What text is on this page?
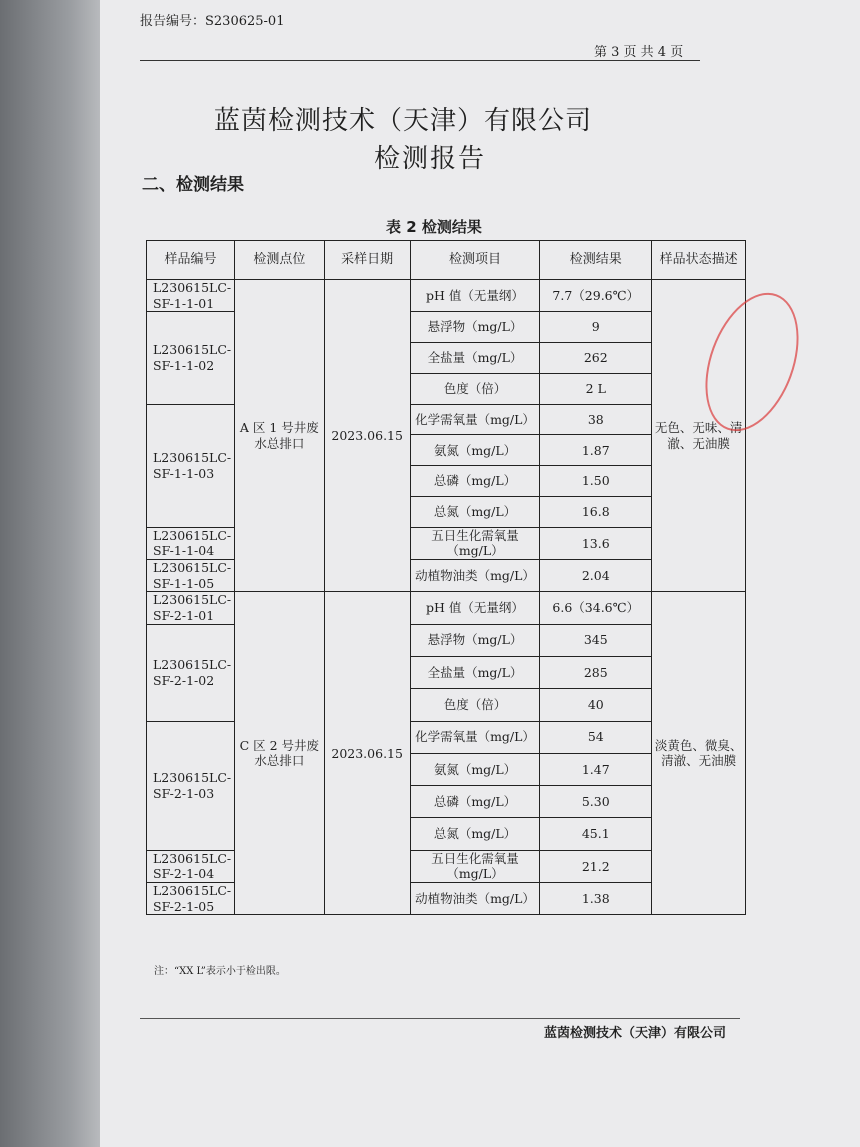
报告编号：S230625-01
第 3 页 共 4 页
蓝茵检测技术（天津）有限公司
检测报告
二、检测结果
表 2 检测结果
样品编号	检测点位	采样日期	检测项目	检测结果	样品状态描述
L230615LC-SF-1-1-01	A 区 1 号井废水总排口	2023.06.15	pH 值（无量纲）	7.7（29.6℃）	无色、无味、清澈、无油膜
L230615LC-SF-1-1-02			悬浮物（mg/L）	9	
			全盐量（mg/L）	262	
			色度（倍）	2 L	
L230615LC-SF-1-1-03			化学需氧量（mg/L）	38	
			氨氮（mg/L）	1.87	
			总磷（mg/L）	1.50	
			总氮（mg/L）	16.8	
L230615LC-SF-1-1-04			五日生化需氧量（mg/L）	13.6	
L230615LC-SF-1-1-05			动植物油类（mg/L）	2.04	
L230615LC-SF-2-1-01	C 区 2 号井废水总排口	2023.06.15	pH 值（无量纲）	6.6（34.6℃）	淡黄色、微臭、清澈、无油膜
L230615LC-SF-2-1-02			悬浮物（mg/L）	345	
			全盐量（mg/L）	285	
			色度（倍）	40	
L230615LC-SF-2-1-03			化学需氧量（mg/L）	54	
			氨氮（mg/L）	1.47	
			总磷（mg/L）	5.30	
			总氮（mg/L）	45.1	
L230615LC-SF-2-1-04			五日生化需氧量（mg/L）	21.2	
L230615LC-SF-2-1-05			动植物油类（mg/L）	1.38	
注：“XX L”表示小于检出限。
蓝茵检测技术（天津）有限公司
